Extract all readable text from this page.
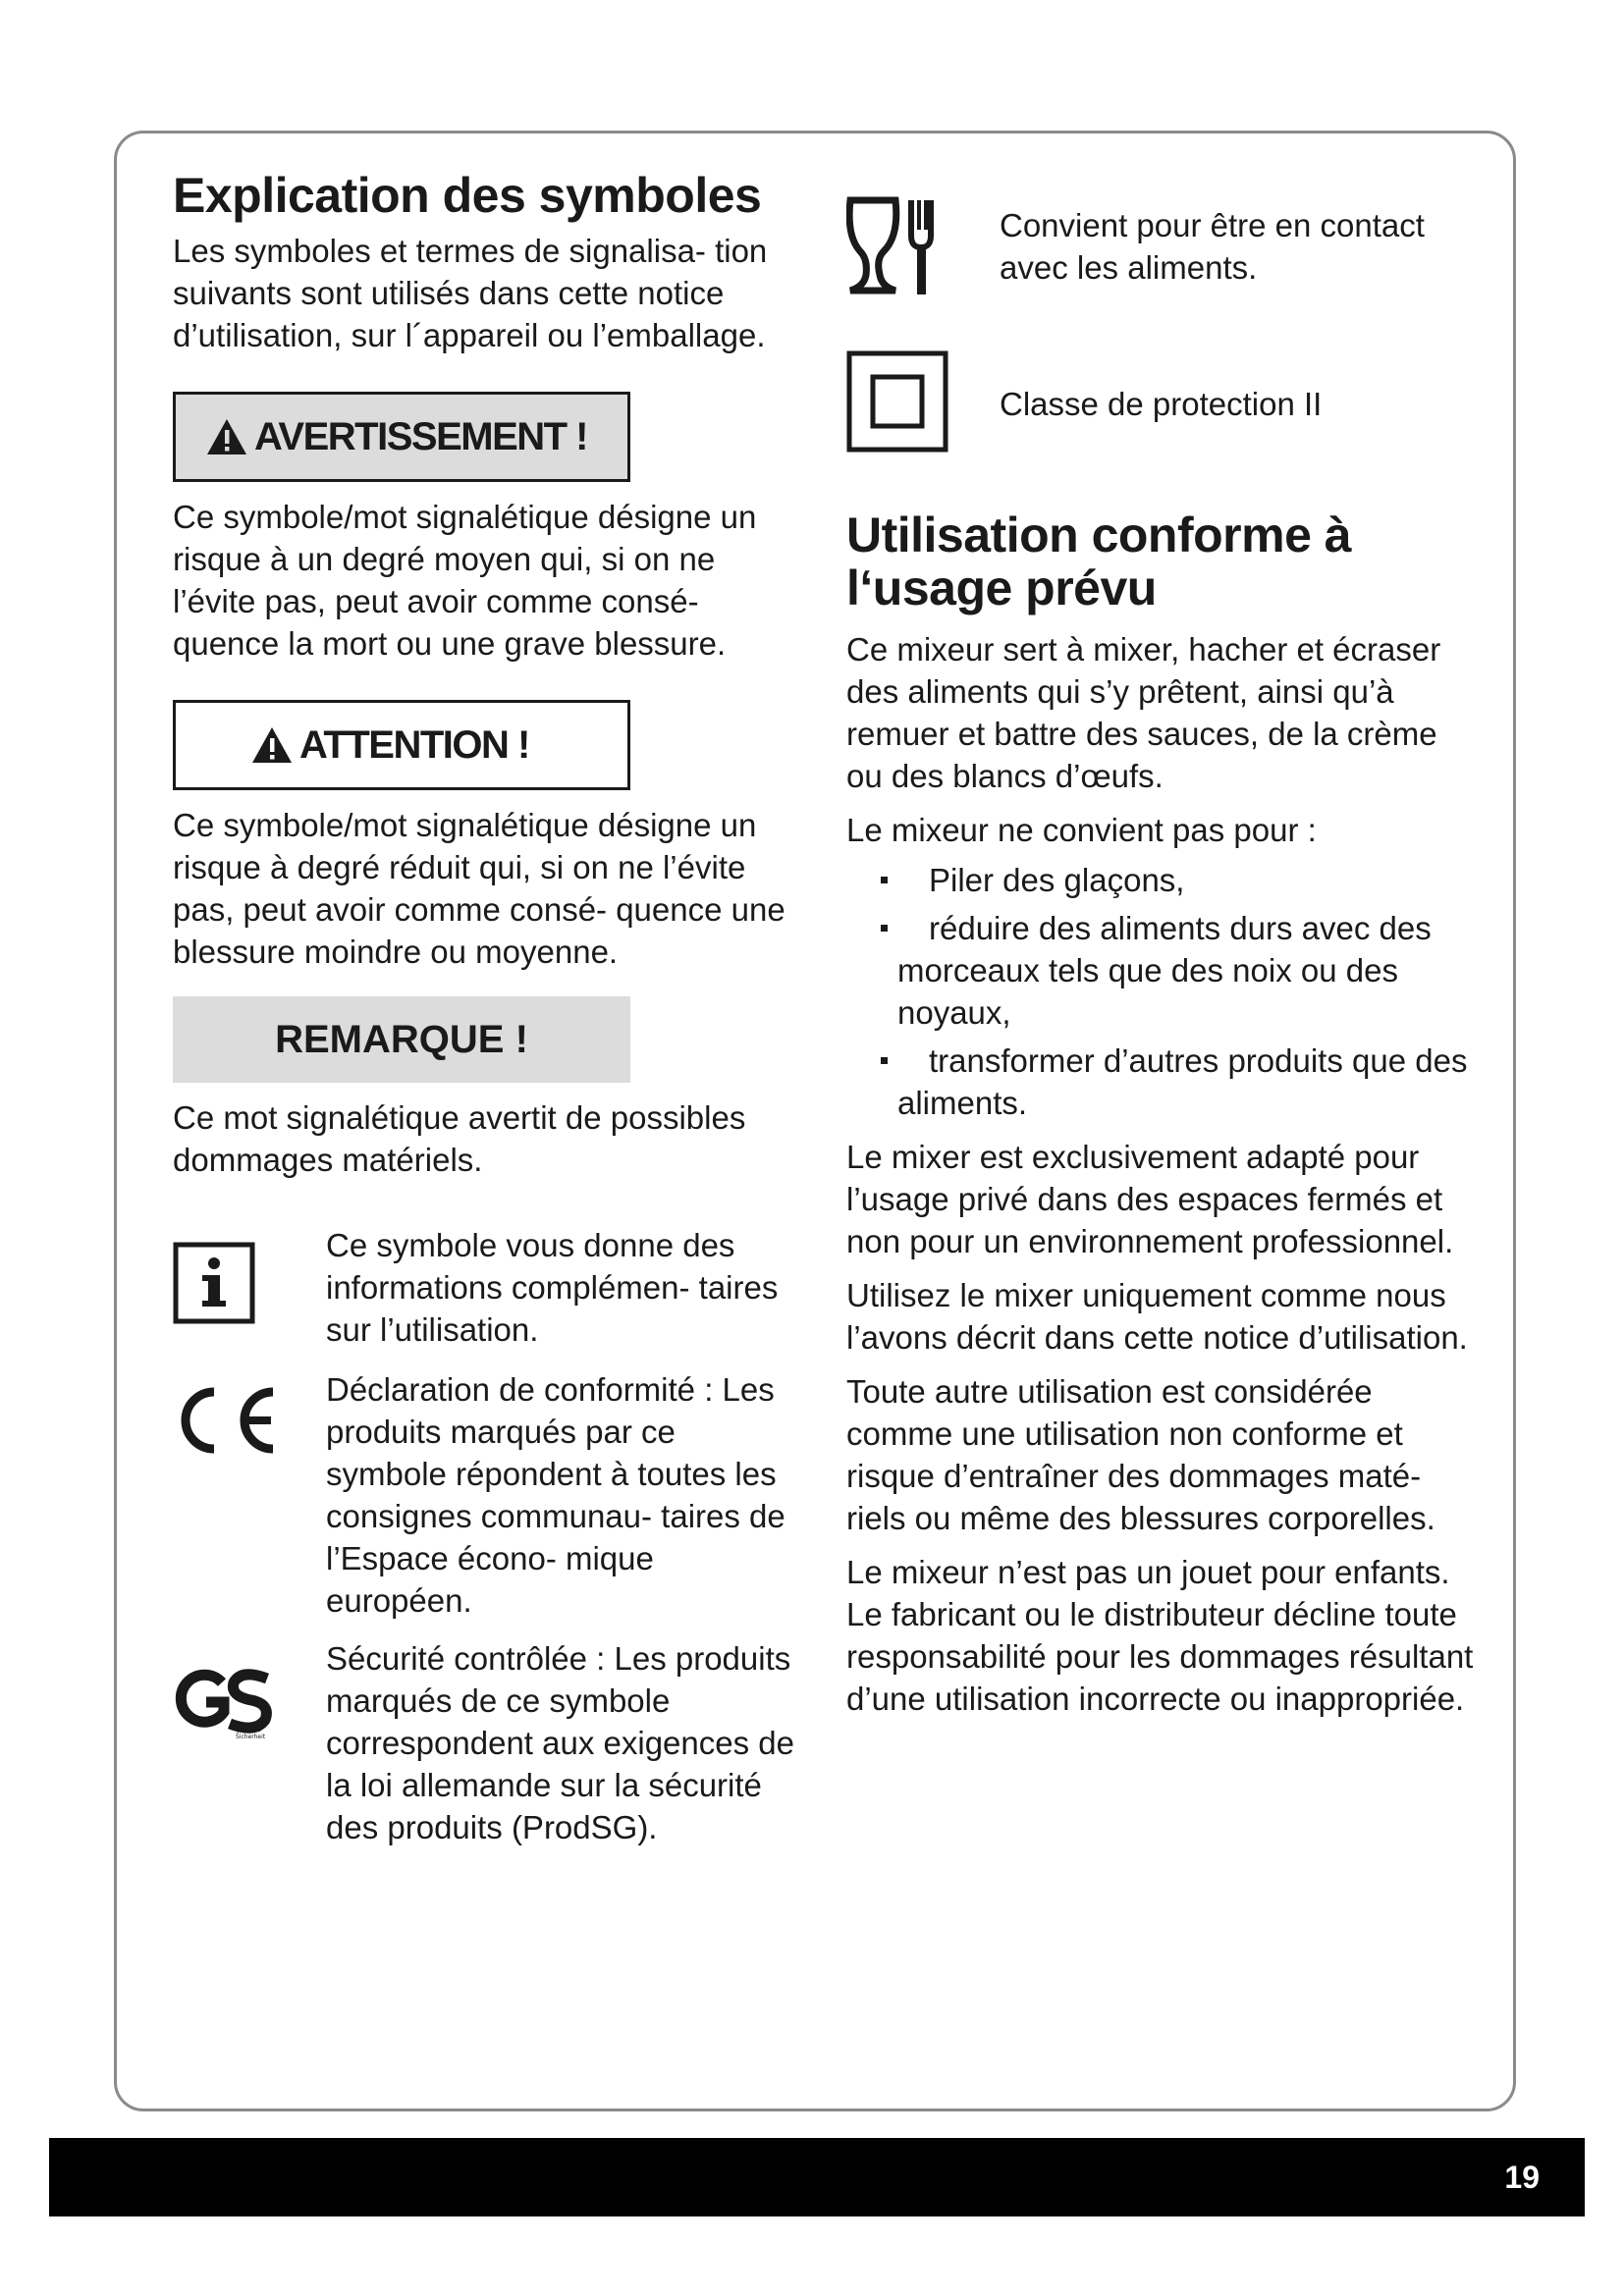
Explication des symboles

Les symboles et termes de signalisa- tion suivants sont utilisés dans cette notice d’utilisation, sur l´appareil ou l’emballage.

AVERTISSEMENT !

Ce symbole/mot signalétique désigne un risque à un degré moyen qui, si on ne l’évite pas, peut avoir comme consé- quence la mort ou une grave blessure.

ATTENTION !

Ce symbole/mot signalétique désigne un risque à degré réduit qui, si on ne l’évite pas, peut avoir comme consé- quence une blessure moindre ou moyenne.

REMARQUE !

Ce mot signalétique avertit de possibles dommages matériels.

Ce symbole vous donne des informations complémen- taires sur l’utilisation.

Déclaration de conformité : Les produits marqués par ce symbole répondent à toutes les consignes communau- taires de l’Espace écono- mique européen.

geprüfte
Sicherheit

Sécurité contrôlée : Les produits marqués de ce symbole correspondent aux exigences de la loi allemande sur la sécurité des produits (ProdSG).

Convient pour être en contact avec les aliments.

Classe de protection II

Utilisation conforme à l‘usage prévu

Ce mixeur sert à mixer, hacher et écraser des aliments qui s’y prêtent, ainsi qu’à remuer et battre des sauces, de la crème ou des blancs d’œufs.

Le mixeur ne convient pas pour :

Piler des glaçons,
réduire des aliments durs avec des morceaux tels que des noix ou des noyaux,
transformer d’autres produits que des aliments.

Le mixer est exclusivement adapté pour l’usage privé dans des espaces fermés et non pour un environnement professionnel.

Utilisez le mixer uniquement comme nous l’avons décrit dans cette notice d’utilisation.

Toute autre utilisation est considérée comme une utilisation non conforme et risque d’entraîner des dommages maté- riels ou même des blessures corporelles.

Le mixeur n’est pas un jouet pour enfants. Le fabricant ou le distributeur décline toute responsabilité pour les dommages résultant d’une utilisation incorrecte ou inappropriée.

19
